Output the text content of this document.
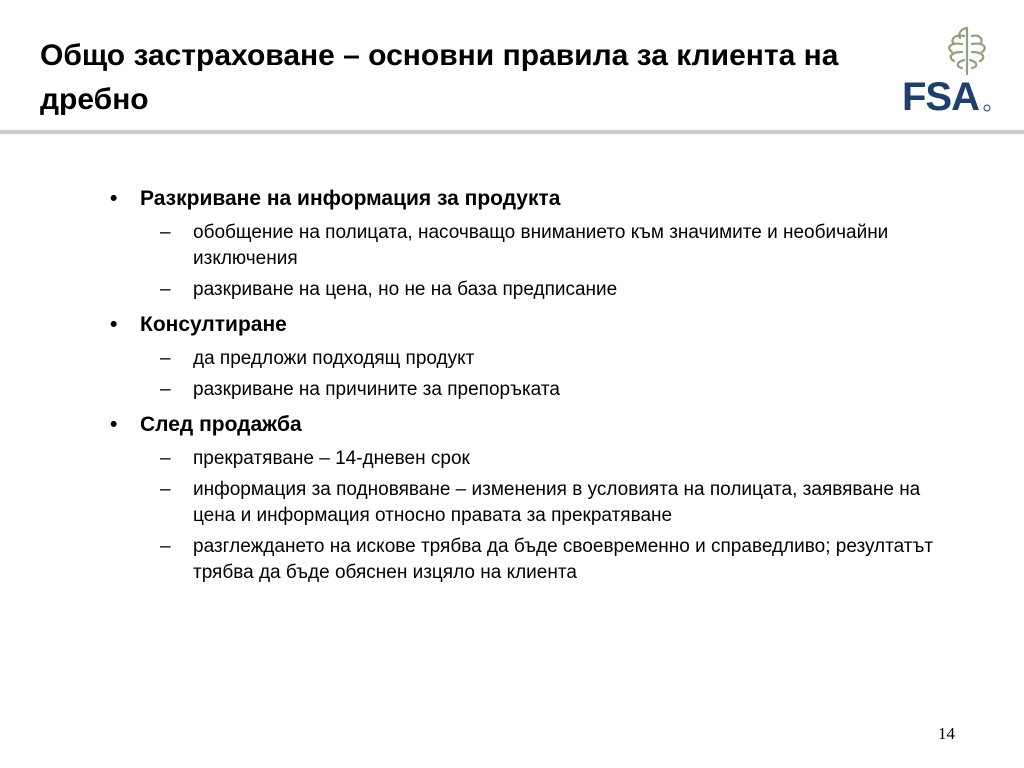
Общо застраховане – основни правила за клиента на дребно	FSA
• Разкриване на информация за продукта
– обобщение на полицата, насочващо вниманието към значимите и необичайни изключения
– разкриване на цена, но не на база предписание
• Консултиране
– да предложи подходящ продукт
– разкриване на причините за препоръката
• След продажба
– прекратяване – 14-дневен срок
– информация за подновяване – изменения в условията на полицата, заявяване на цена и информация относно правата за прекратяване
– разглеждането на искове трябва да бъде своевременно и справедливо; резултатът трябва да бъде обяснен изцяло на клиента
14
